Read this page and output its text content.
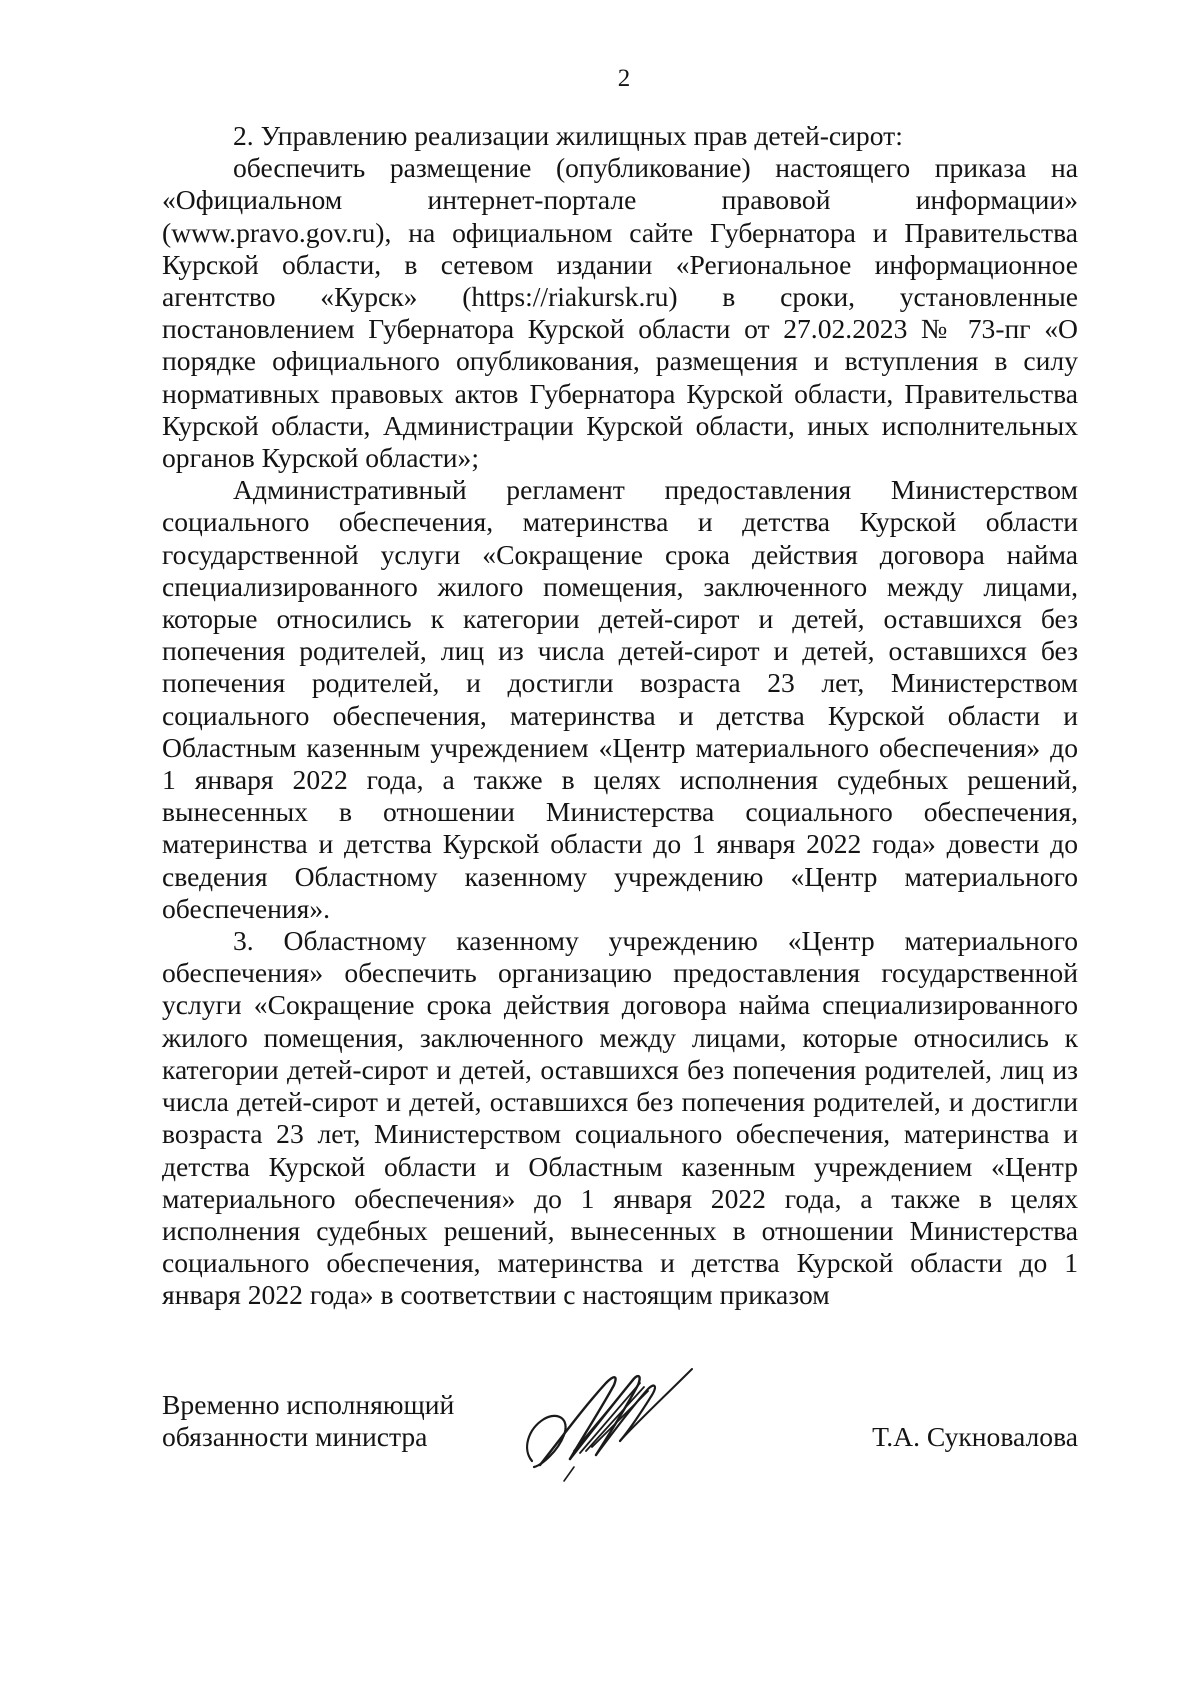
2

2. Управлению реализации жилищных прав детей-сирот:

обеспечить размещение (опубликование) настоящего приказа на «Официальном интернет-портале правовой информации» (www.pravo.gov.ru), на официальном сайте Губернатора и Правительства Курской области, в сетевом издании «Региональное информационное агентство «Курск» (https://riakursk.ru) в сроки, установленные постановлением Губернатора Курской области от 27.02.2023 № 73-пг «О порядке официального опубликования, размещения и вступления в силу нормативных правовых актов Губернатора Курской области, Правительства Курской области, Администрации Курской области, иных исполнительных органов Курской области»;

Административный регламент предоставления Министерством социального обеспечения, материнства и детства Курской области государственной услуги «Сокращение срока действия договора найма специализированного жилого помещения, заключенного между лицами, которые относились к категории детей-сирот и детей, оставшихся без попечения родителей, лиц из числа детей-сирот и детей, оставшихся без попечения родителей, и достигли возраста 23 лет, Министерством социального обеспечения, материнства и детства Курской области и Областным казенным учреждением «Центр материального обеспечения» до 1 января 2022 года, а также в целях исполнения судебных решений, вынесенных в отношении Министерства социального обеспечения, материнства и детства Курской области до 1 января 2022 года» довести до сведения Областному казенному учреждению «Центр материального обеспечения».

3. Областному казенному учреждению «Центр материального обеспечения» обеспечить организацию предоставления государственной услуги «Сокращение срока действия договора найма специализированного жилого помещения, заключенного между лицами, которые относились к категории детей-сирот и детей, оставшихся без попечения родителей, лиц из числа детей-сирот и детей, оставшихся без попечения родителей, и достигли возраста 23 лет, Министерством социального обеспечения, материнства и детства Курской области и Областным казенным учреждением «Центр материального обеспечения» до 1 января 2022 года, а также в целях исполнения судебных решений, вынесенных в отношении Министерства социального обеспечения, материнства и детства Курской области до 1 января 2022 года» в соответствии с настоящим приказом

Временно исполняющий
обязанности министра	Т.А. Сукновалова
